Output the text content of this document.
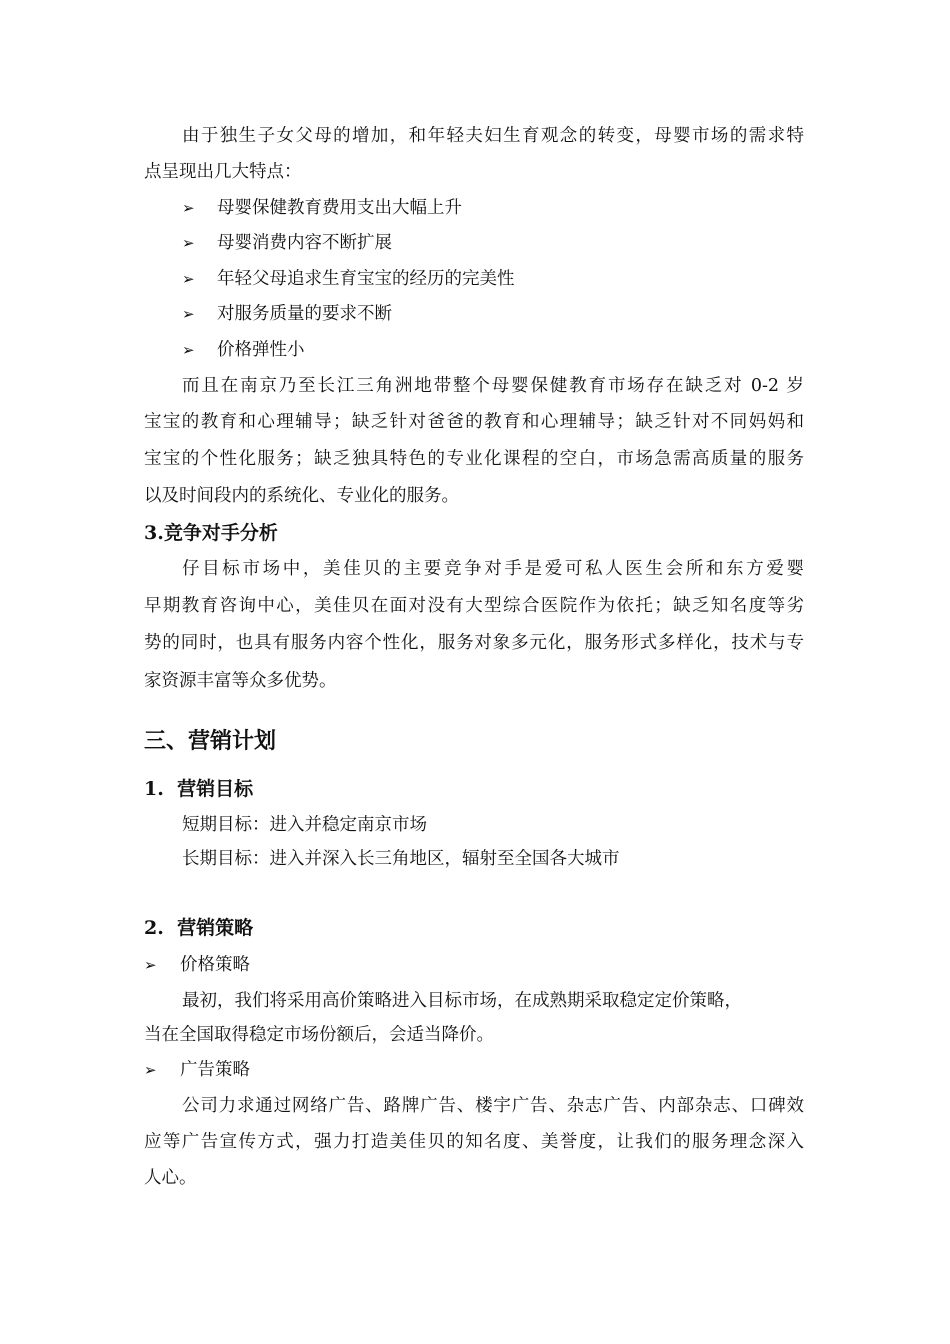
由于独生子女父母的增加，和年轻夫妇生育观念的转变，母婴市场的需求特
点呈现出几大特点：
➢ 母婴保健教育费用支出大幅上升
➢ 母婴消费内容不断扩展
➢ 年轻父母追求生育宝宝的经历的完美性
➢ 对服务质量的要求不断
➢ 价格弹性小
而且在南京乃至长江三角洲地带整个母婴保健教育市场存在缺乏对 0-2 岁
宝宝的教育和心理辅导；缺乏针对爸爸的教育和心理辅导；缺乏针对不同妈妈和
宝宝的个性化服务；缺乏独具特色的专业化课程的空白，市场急需高质量的服务
以及时间段内的系统化、专业化的服务。
3.竞争对手分析
仔目标市场中，美佳贝的主要竞争对手是爱可私人医生会所和东方爱婴
早期教育咨询中心，美佳贝在面对没有大型综合医院作为依托；缺乏知名度等劣
势的同时，也具有服务内容个性化，服务对象多元化，服务形式多样化，技术与专
家资源丰富等众多优势。
三、营销计划
1.  营销目标
短期目标：进入并稳定南京市场
长期目标：进入并深入长三角地区，辐射至全国各大城市
2.  营销策略
➢ 价格策略
最初，我们将采用高价策略进入目标市场，在成熟期采取稳定定价策略，
当在全国取得稳定市场份额后，会适当降价。
➢ 广告策略
公司力求通过网络广告、路牌广告、楼宇广告、杂志广告、内部杂志、口碑效
应等广告宣传方式，强力打造美佳贝的知名度、美誉度，让我们的服务理念深入
人心。
